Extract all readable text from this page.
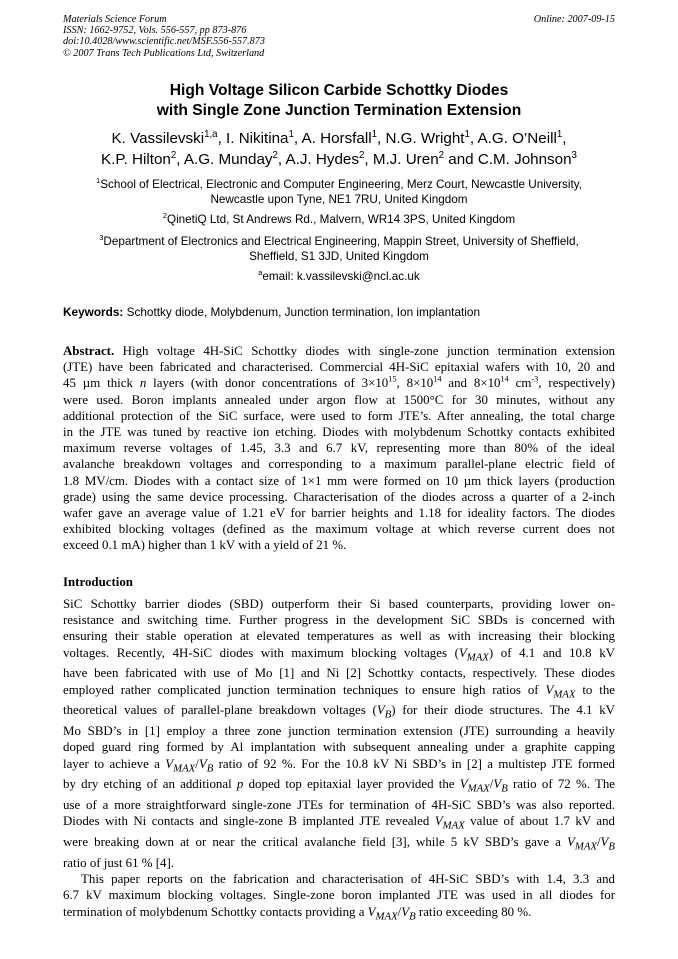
Materials Science Forum
ISSN: 1662-9752, Vols. 556-557, pp 873-876
doi:10.4028/www.scientific.net/MSF.556-557.873
© 2007 Trans Tech Publications Ltd, Switzerland
Online: 2007-09-15
High Voltage Silicon Carbide Schottky Diodes
with Single Zone Junction Termination Extension
K. Vassilevski$^{1,a}$, I. Nikitina$^1$, A. Horsfall$^1$, N.G. Wright$^1$, A.G. O’Neill$^1$,
K.P. Hilton$^2$, A.G. Munday$^2$, A.J. Hydes$^2$, M.J. Uren$^2$ and C.M. Johnson$^3$
$^1$School of Electrical, Electronic and Computer Engineering, Merz Court, Newcastle University,
Newcastle upon Tyne, NE1 7RU, United Kingdom
$^2$QinetiQ Ltd, St Andrews Rd., Malvern, WR14 3PS, United Kingdom
$^3$Department of Electronics and Electrical Engineering, Mappin Street, University of Sheffield,
Sheffield, S1 3JD, United Kingdom
$^a$email: k.vassilevski@ncl.ac.uk
Keywords: Schottky diode, Molybdenum, Junction termination, Ion implantation
Abstract. High voltage 4H-SiC Schottky diodes with single-zone junction termination extension
(JTE) have been fabricated and characterised. Commercial 4H-SiC epitaxial wafers with 10, 20 and
45 µm thick n layers (with donor concentrations of $3\times 10^{15}$, $8\times 10^{14}$ and $8\times 10^{14}$ $cm^{-3}$, respectively)
were used. Boron implants annealed under argon flow at 1500°C for 30 minutes, without any
additional protection of the SiC surface, were used to form JTE’s. After annealing, the total charge
in the JTE was tuned by reactive ion etching. Diodes with molybdenum Schottky contacts exhibited
maximum reverse voltages of 1.45, 3.3 and 6.7 kV, representing more than 80% of the ideal
avalanche breakdown voltages and corresponding to a maximum parallel-plane electric field of
1.8 MV/cm. Diodes with a contact size of 1×1 mm were formed on 10 µm thick layers (production
grade) using the same device processing. Characterisation of the diodes across a quarter of a 2-inch
wafer gave an average value of 1.21 eV for barrier heights and 1.18 for ideality factors. The diodes
exhibited blocking voltages (defined as the maximum voltage at which reverse current does not
exceed 0.1 mA) higher than 1 kV with a yield of 21 %.
Introduction
SiC Schottky barrier diodes (SBD) outperform their Si based counterparts, providing lower on-
resistance and switching time. Further progress in the development SiC SBDs is concerned with
ensuring their stable operation at elevated temperatures as well as with increasing their blocking
voltages. Recently, 4H-SiC diodes with maximum blocking voltages $(V_{MAX})$ of 4.1 and 10.8 kV
have been fabricated with use of Mo [1] and Ni [2] Schottky contacts, respectively. These diodes
employed rather complicated junction termination techniques to ensure high ratios of $V_{MAX}$ to the
theoretical values of parallel-plane breakdown voltages $(V_B)$ for their diode structures. The 4.1 kV
Mo SBD’s in [1] employ a three zone junction termination extension (JTE) surrounding a heavily
doped guard ring formed by Al implantation with subsequent annealing under a graphite capping
layer to achieve a $V_{MAX}/V_B$ ratio of 92 %. For the 10.8 kV Ni SBD’s in [2] a multistep JTE formed
by dry etching of an additional p doped top epitaxial layer provided the $V_{MAX}/V_B$ ratio of 72 %. The
use of a more straightforward single-zone JTEs for termination of 4H-SiC SBD’s was also reported.
Diodes with Ni contacts and single-zone B implanted JTE revealed $V_{MAX}$ value of about 1.7 kV and
were breaking down at or near the critical avalanche field [3], while 5 kV SBD’s gave a $V_{MAX}/V_B$
ratio of just 61 % [4].
This paper reports on the fabrication and characterisation of 4H-SiC SBD’s with 1.4, 3.3 and
6.7 kV maximum blocking voltages. Single-zone boron implanted JTE was used in all diodes for
termination of molybdenum Schottky contacts providing a $V_{MAX}/V_B$ ratio exceeding 80 %.
